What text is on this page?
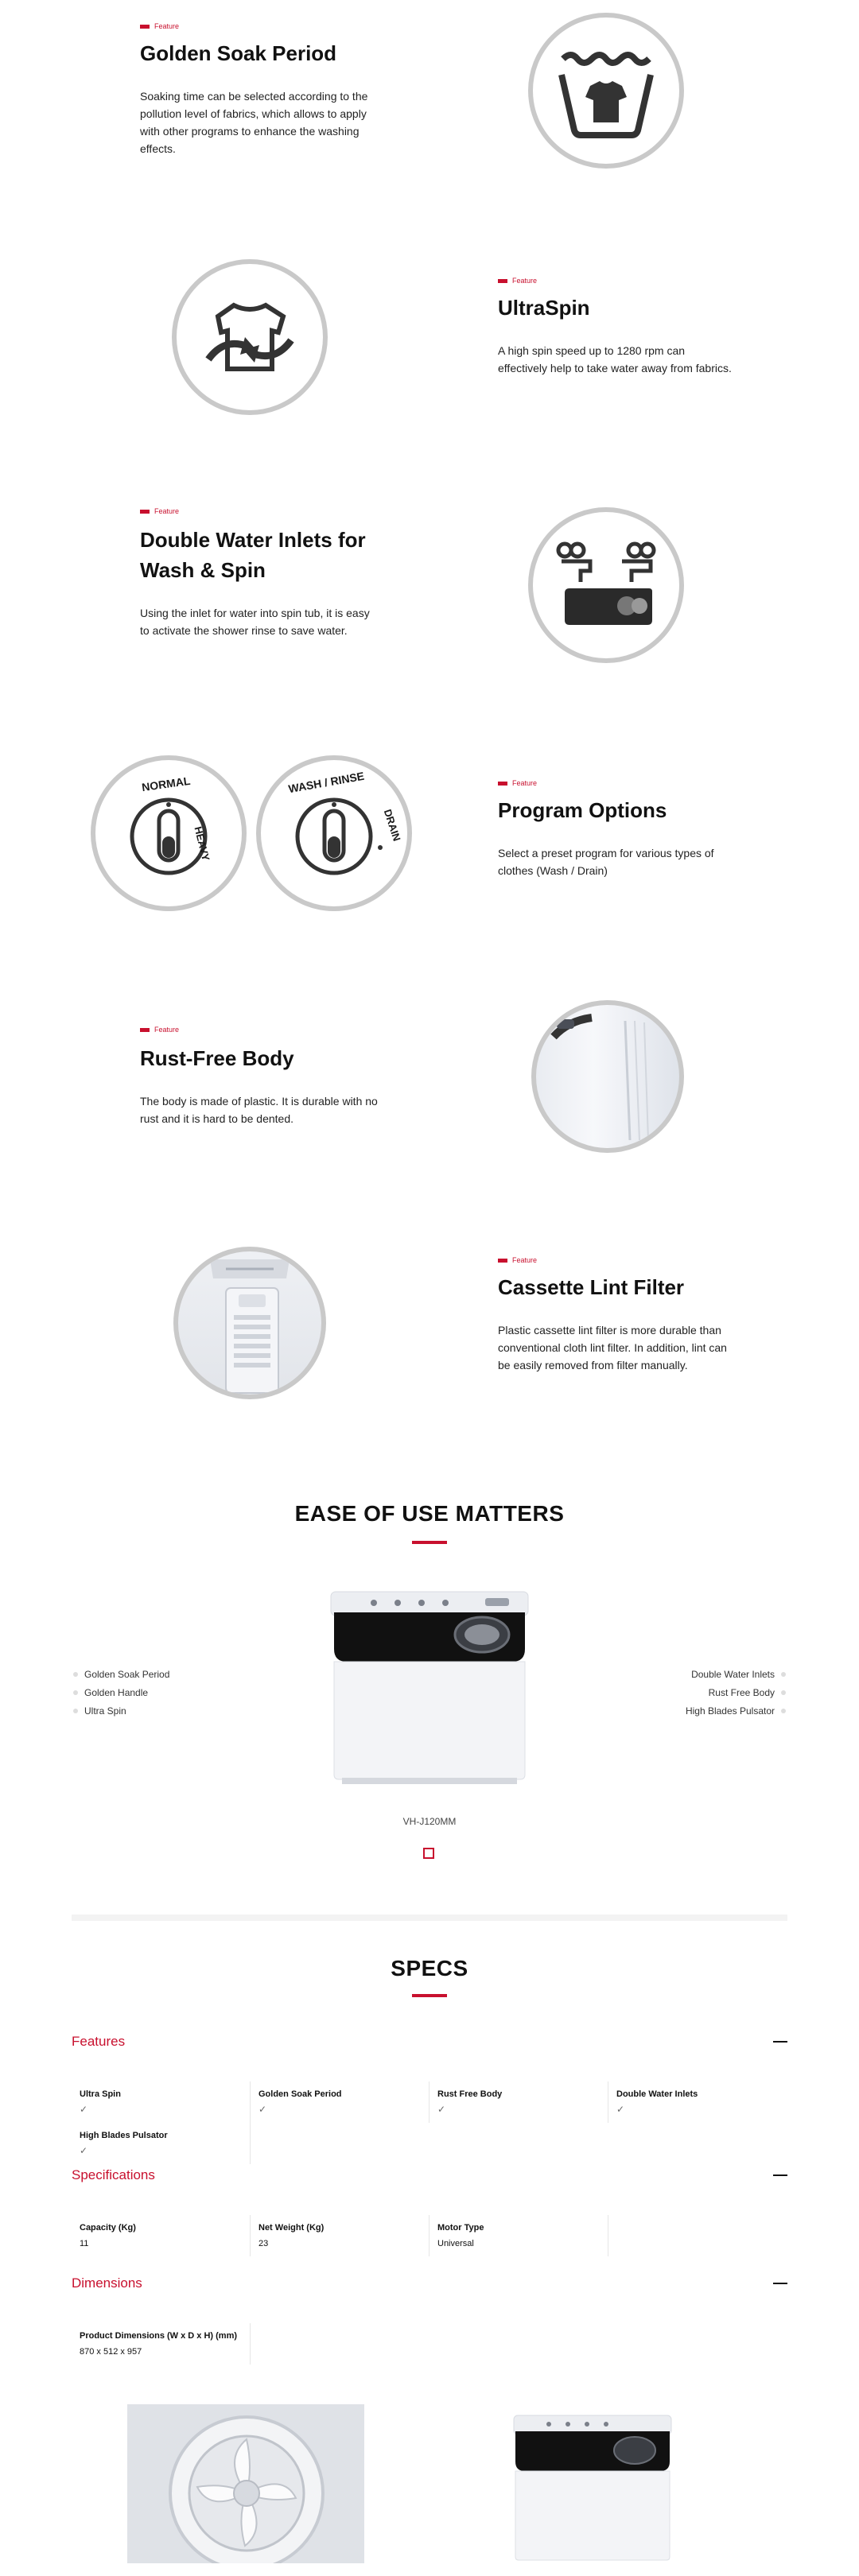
Feature
Golden Soak Period
Soaking time can be selected according to the pollution level of fabrics, which allows to apply with other programs to enhance the washing effects.
Feature
UltraSpin
A high spin speed up to 1280 rpm can effectively help to take water away from fabrics.
Feature
Double Water Inlets for Wash & Spin
Using the inlet for water into spin tub, it is easy to activate the shower rinse to save water.
NORMAL
HEAVY
WASH / RINSE
DRAIN
Feature
Program Options
Select a preset program for various types of clothes (Wash / Drain)
Feature
Rust-Free Body
The body is made of plastic. It is durable with no rust and it is hard to be dented.
Feature
Cassette Lint Filter
Plastic cassette lint filter is more durable than conventional cloth lint filter. In addition, lint can be easily removed from filter manually.
EASE OF USE MATTERS
Golden Soak Period
Golden Handle
Ultra Spin
Double Water Inlets
Rust Free Body
High Blades Pulsator
VH-J120MM
SPECS
Features
Ultra Spin
✓
Golden Soak Period
✓
Rust Free Body
✓
Double Water Inlets
✓
High Blades Pulsator
✓
Specifications
Capacity (Kg)
11
Net Weight (Kg)
23
Motor Type
Universal
Dimensions
Product Dimensions (W x D x H) (mm)
870 x 512 x 957
